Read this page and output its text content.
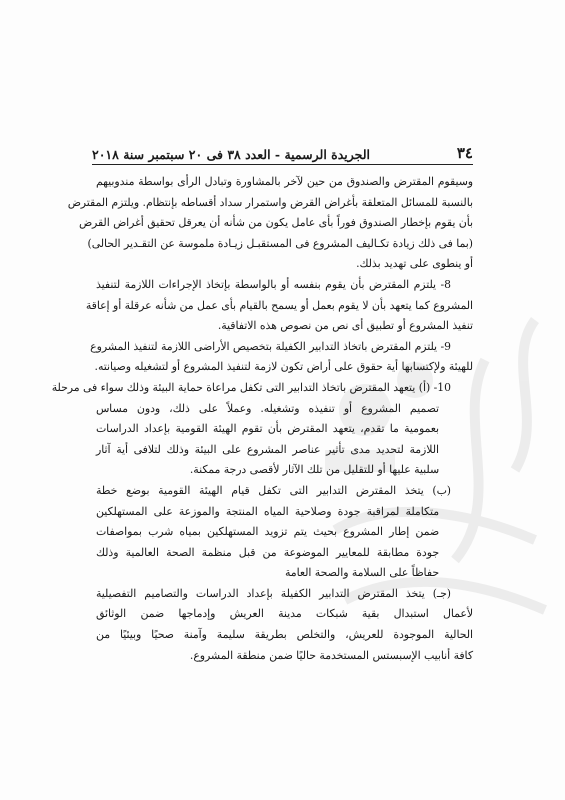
٣٤
الجريدة الرسمية - العدد ٣٨ فى ٢٠ سبتمبر سنة ٢٠١٨
وسيقوم المقترض والصندوق من حين لآخر بالمشاورة وتبادل الرأى بواسطة مندوبيهم
بالنسبة للمسائل المتعلقة بأغراض القرض واستمرار سداد أقساطه بإنتظام. ويلتزم المقترض
بأن يقوم بإخطار الصندوق فوراً بأى عامل يكون من شأنه أن يعرقل تحقيق أغراض القرض
(بما فى ذلك زيادة تكـاليف المشروع فى المستقبـل زيـادة ملموسة عن التقـدير الحالى)
أو ينطوى على تهديد بذلك.
8- يلتزم المقترض بأن يقوم بنفسه أو بالواسطة بإتخاذ الإجراءات اللازمة لتنفيذ
المشروع كما يتعهد بأن لا يقوم بعمل أو يسمح بالقيام بأى عمل من شأنه عرقلة أو إعاقة
تنفيذ المشروع أو تطبيق أى نص من نصوص هذه الاتفاقية.
9- يلتزم المقترض باتخاذ التدابير الكفيلة بتخصيص الأراضى اللازمة لتنفيذ المشروع
للهيئة ولإكتسابها أية حقوق على أراض تكون لازمة لتنفيذ المشروع أو لتشغيله وصيانته.
10- (أ) يتعهد المقترض باتخاذ التدابير التى تكفل مراعاة حماية البيئة وذلك سواء فى مرحلة
تصميم المشروع أو تنفيذه وتشغيله. وعملاً على ذلك، ودون مساس
بعمومية ما تقدم، يتعهد المقترض بأن تقوم الهيئة القومية بإعداد الدراسات
اللازمة لتحديد مدى تأثير عناصر المشروع على البيئة وذلك لتلافى أية آثار
سلبية عليها أو للتقليل من تلك الآثار لأقصى درجة ممكنة.
(ب) يتخذ المقترض التدابير التى تكفل قيام الهيئة القومية بوضع خطة
متكاملة لمراقبة جودة وصلاحية المياه المنتجة والموزعة على المستهلكين
ضمن إطار المشروع بحيث يتم تزويد المستهلكين بمياه شرب بمواصفات
جودة مطابقة للمعايير الموضوعة من قبل منظمة الصحة العالمية وذلك
حفاظاً على السلامة والصحة العامة
(جـ) يتخذ المقترض التدابير الكفيلة بإعداد الدراسات والتصاميم التفصيلية
لأعمال استبدال بقية شبكات مدينة العريش وإدماجها ضمن الوثائق
الحالية الموجودة للعريش، والتخلص بطريقة سليمة وآمنة صحيًا وبيئيًا من
كافة أنابيب الإسبستس المستخدمة حاليًا ضمن منطقة المشروع.
